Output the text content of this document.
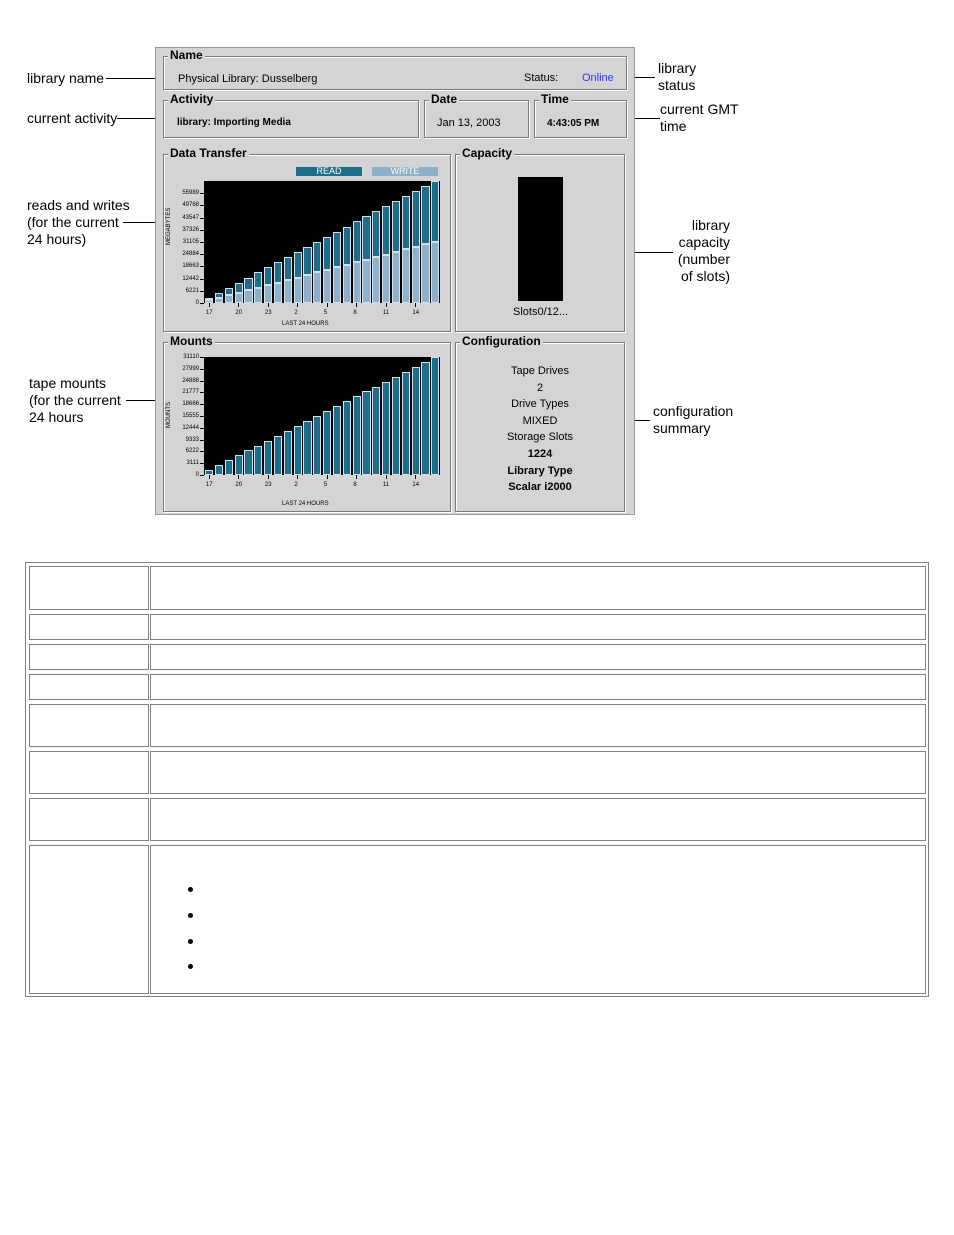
library name
current activity
reads and writes
(for the current
24 hours)
tape mounts
(for the current
24 hours
library
status
current GMT
time
library capacity
(number
of slots)
configuration
summary
Name
Physical Library: Dusselberg	Status: Online
Activity
library: Importing Media
Date
Jan 13, 2003
Time
4:43:05 PM
Data Transfer
READ	WRITE
MEGABYTES
LAST 24 HOURS
0
6221
12442
18663
24884
31105
37326
43547
49768
55989
17	20	23	2	5	8	11	14
Capacity
0%
Slots0/12...
Mounts
MOUNTS
LAST 24 HOURS
0
3111
6222
9333
12444
15555
18666
21777
24888
27999
31110
17	20	23	2	5	8	11	14
Configuration
Tape Drives
2
Drive Types
MIXED
Storage Slots
1224
Library Type
Scalar i2000
